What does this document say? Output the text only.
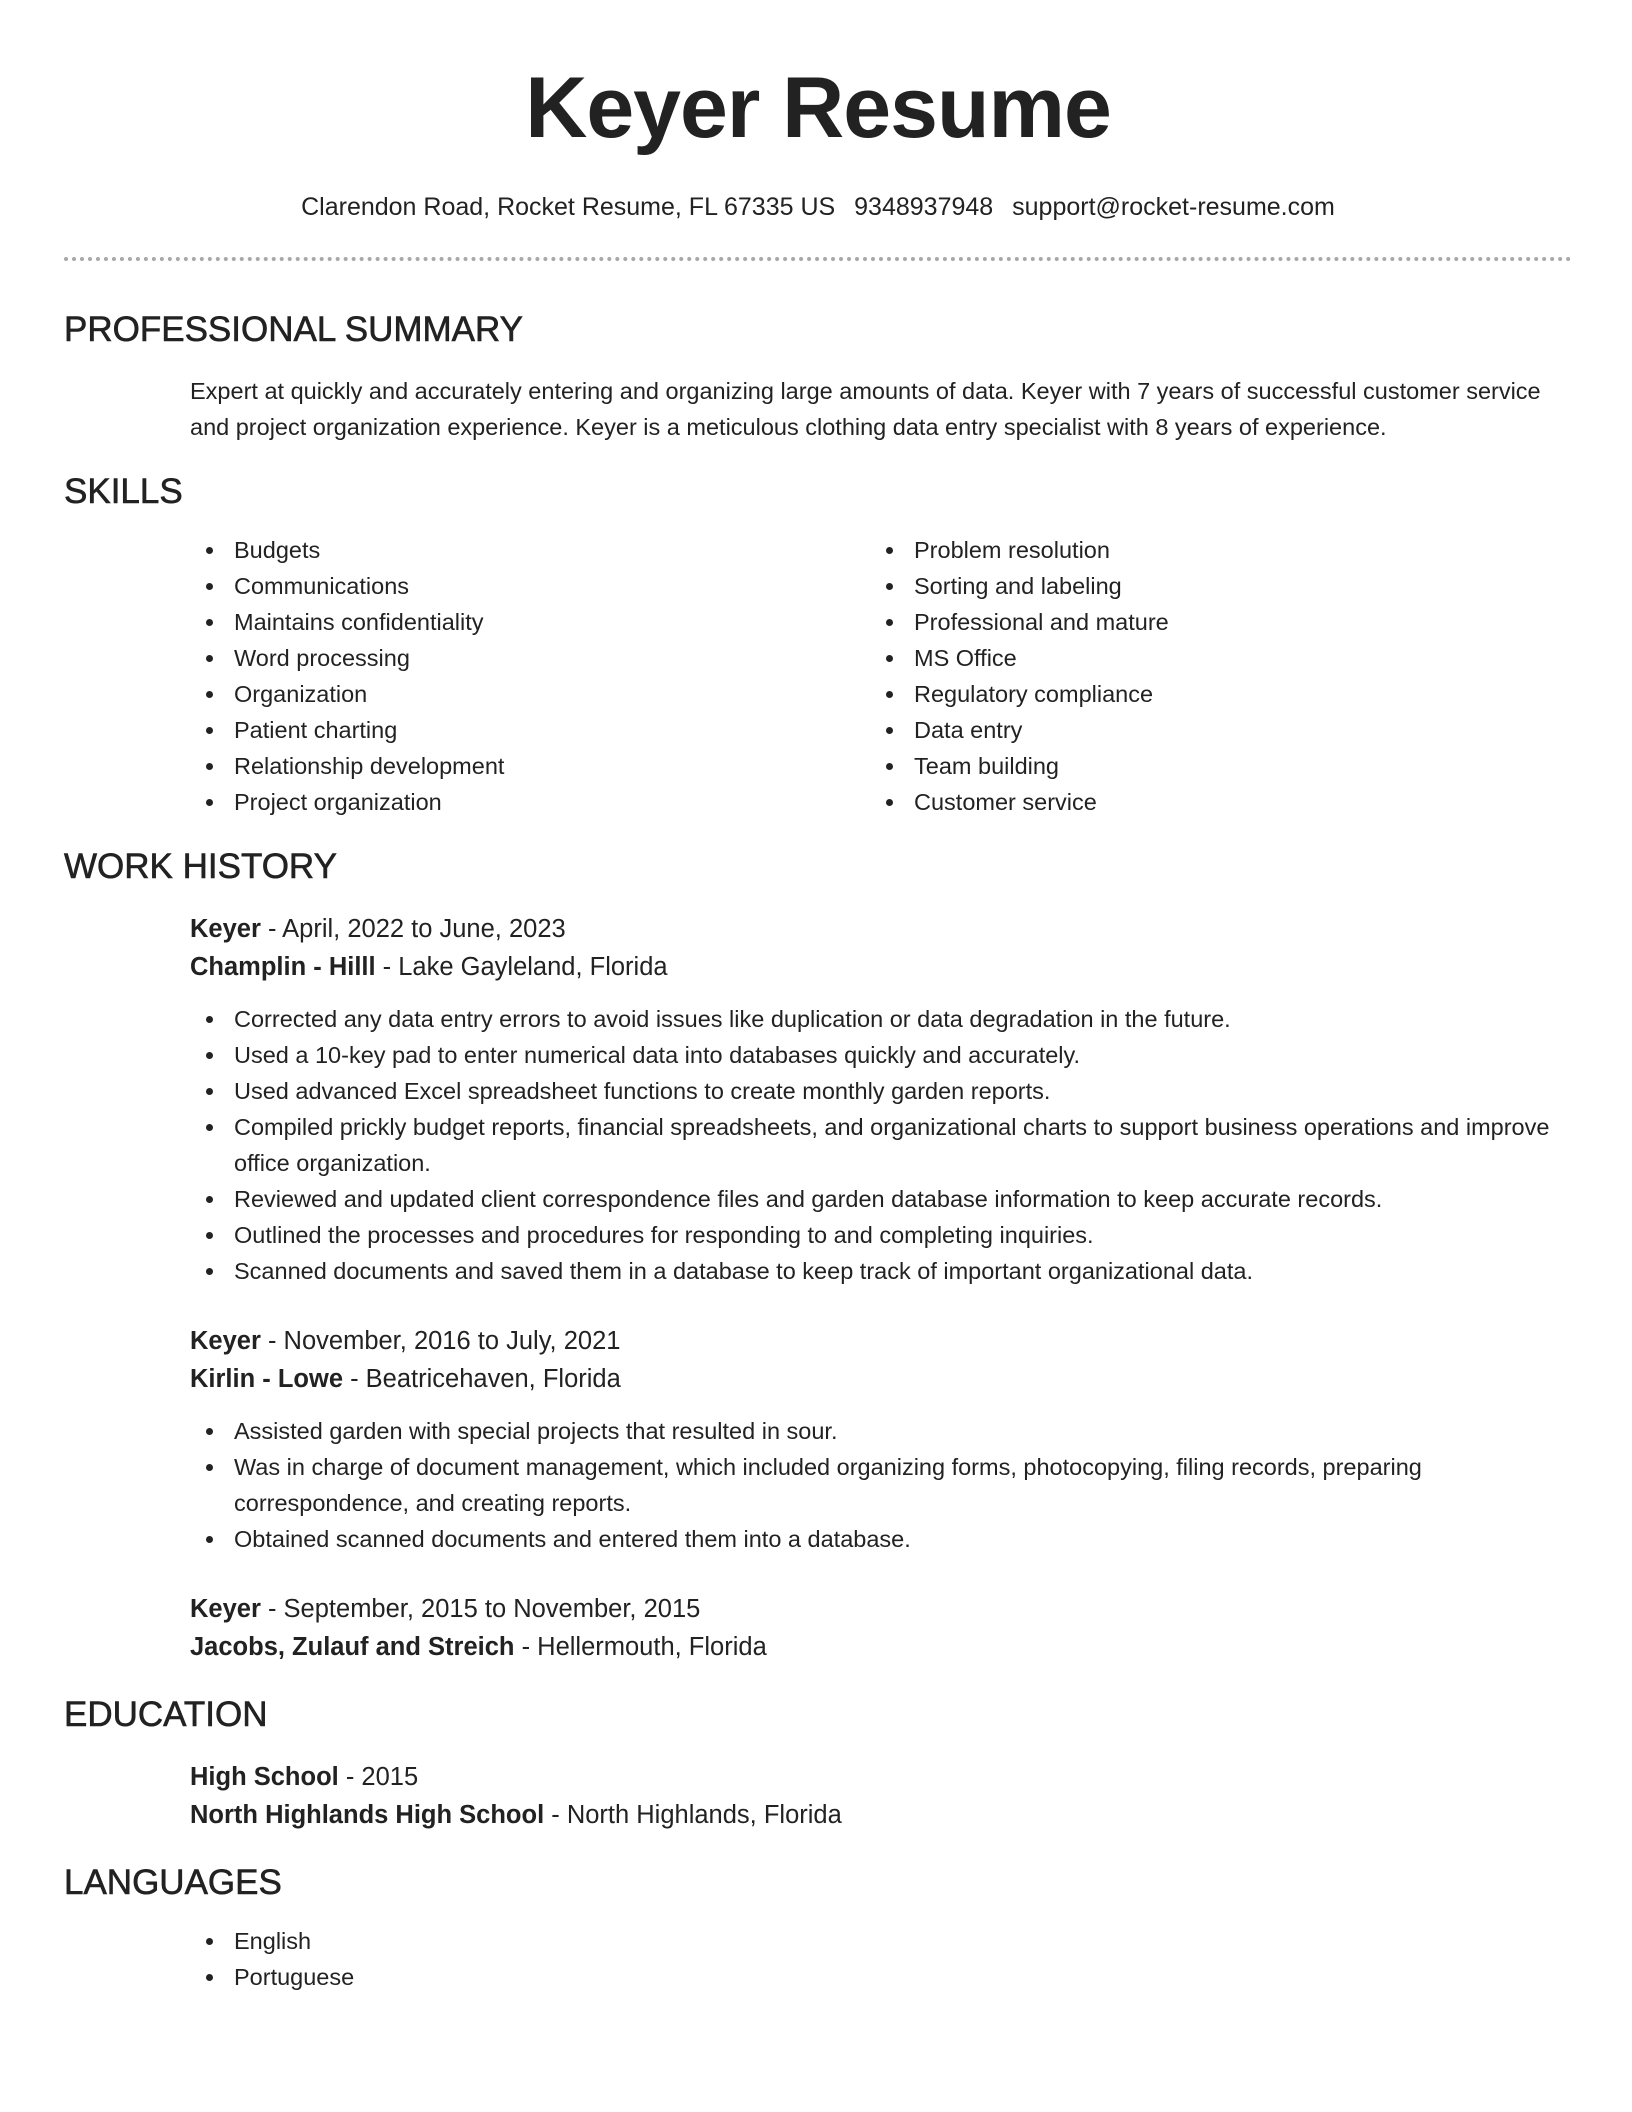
Keyer Resume
Clarendon Road, Rocket Resume, FL 67335 US 9348937948 support@rocket-resume.com
PROFESSIONAL SUMMARY
Expert at quickly and accurately entering and organizing large amounts of data. Keyer with 7 years of successful customer service and project organization experience. Keyer is a meticulous clothing data entry specialist with 8 years of experience.
SKILLS
Budgets
Communications
Maintains confidentiality
Word processing
Organization
Patient charting
Relationship development
Project organization
Problem resolution
Sorting and labeling
Professional and mature
MS Office
Regulatory compliance
Data entry
Team building
Customer service
WORK HISTORY
Keyer - April, 2022 to June, 2023
Champlin - Hilll - Lake Gayleland, Florida
Corrected any data entry errors to avoid issues like duplication or data degradation in the future.
Used a 10-key pad to enter numerical data into databases quickly and accurately.
Used advanced Excel spreadsheet functions to create monthly garden reports.
Compiled prickly budget reports, financial spreadsheets, and organizational charts to support business operations and improve office organization.
Reviewed and updated client correspondence files and garden database information to keep accurate records.
Outlined the processes and procedures for responding to and completing inquiries.
Scanned documents and saved them in a database to keep track of important organizational data.
Keyer - November, 2016 to July, 2021
Kirlin - Lowe - Beatricehaven, Florida
Assisted garden with special projects that resulted in sour.
Was in charge of document management, which included organizing forms, photocopying, filing records, preparing correspondence, and creating reports.
Obtained scanned documents and entered them into a database.
Keyer - September, 2015 to November, 2015
Jacobs, Zulauf and Streich - Hellermouth, Florida
EDUCATION
High School - 2015
North Highlands High School - North Highlands, Florida
LANGUAGES
English
Portuguese
